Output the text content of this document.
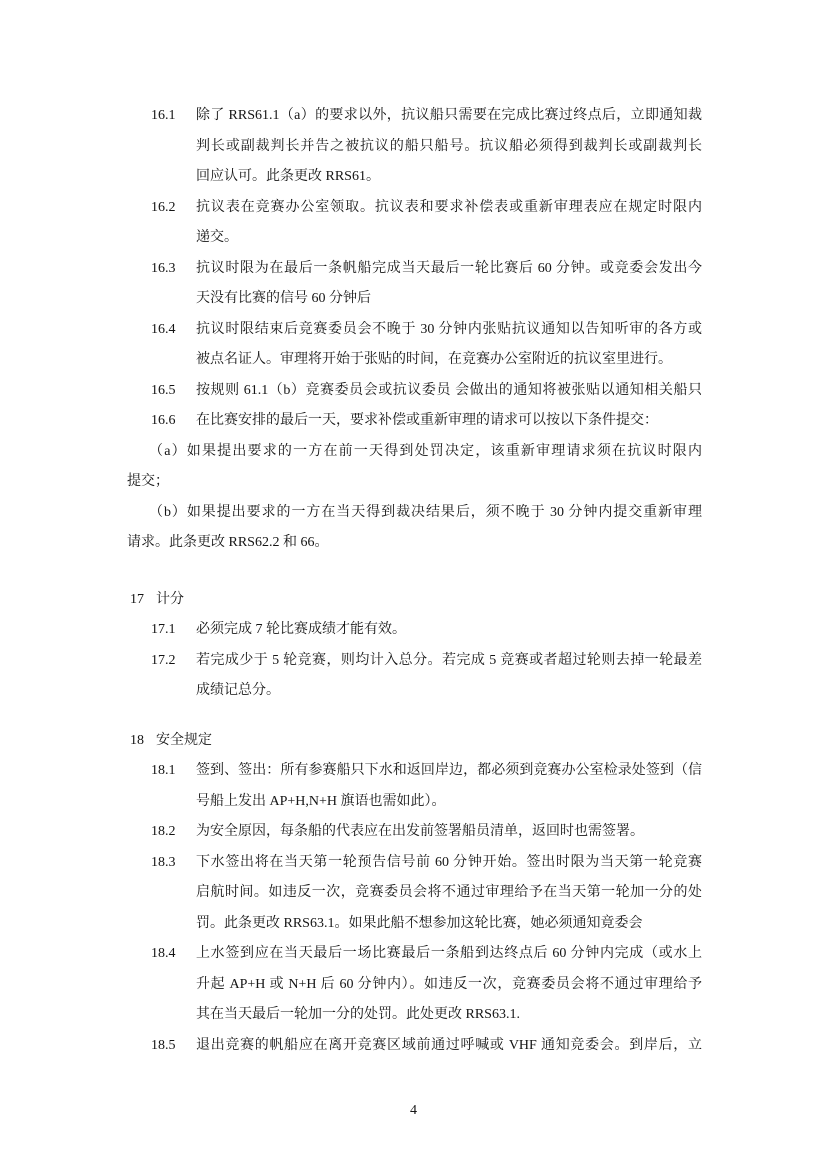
16.1	除了 RRS61.1（a）的要求以外，抗议船只需要在完成比赛过终点后，立即通知裁
判长或副裁判长并告之被抗议的船只船号。抗议船必须得到裁判长或副裁判长
回应认可。此条更改 RRS61。
16.2	抗议表在竞赛办公室领取。抗议表和要求补偿表或重新审理表应在规定时限内
递交。
16.3	抗议时限为在最后一条帆船完成当天最后一轮比赛后 60 分钟。或竞委会发出今
天没有比赛的信号 60 分钟后
16.4	抗议时限结束后竞赛委员会不晚于 30 分钟内张贴抗议通知以告知听审的各方或
被点名证人。审理将开始于张贴的时间，在竞赛办公室附近的抗议室里进行。
16.5	按规则 61.1（b）竞赛委员会或抗议委员 会做出的通知将被张贴以通知相关船只
16.6	在比赛安排的最后一天，要求补偿或重新审理的请求可以按以下条件提交：
（a）如果提出要求的一方在前一天得到处罚决定，该重新审理请求须在抗议时限内
提交；
（b）如果提出要求的一方在当天得到裁决结果后，须不晚于 30 分钟内提交重新审理
请求。此条更改 RRS62.2 和 66。
17 计分
17.1	必须完成 7 轮比赛成绩才能有效。
17.2	若完成少于 5 轮竞赛，则均计入总分。若完成 5 竞赛或者超过轮则去掉一轮最差
成绩记总分。
18 安全规定
18.1	签到、签出：所有参赛船只下水和返回岸边，都必须到竞赛办公室检录处签到（信
号船上发出 AP+H,N+H 旗语也需如此）。
18.2	为安全原因，每条船的代表应在出发前签署船员清单，返回时也需签署。
18.3	下水签出将在当天第一轮预告信号前 60 分钟开始。签出时限为当天第一轮竞赛
启航时间。如违反一次，竞赛委员会将不通过审理给予在当天第一轮加一分的处
罚。此条更改 RRS63.1。如果此船不想参加这轮比赛，她必须通知竟委会
18.4	上水签到应在当天最后一场比赛最后一条船到达终点后 60 分钟内完成（或水上
升起 AP+H 或 N+H 后 60 分钟内）。如违反一次，竞赛委员会将不通过审理给予
其在当天最后一轮加一分的处罚。此处更改 RRS63.1.
18.5	退出竞赛的帆船应在离开竞赛区域前通过呼喊或 VHF 通知竞委会。到岸后，立
4
